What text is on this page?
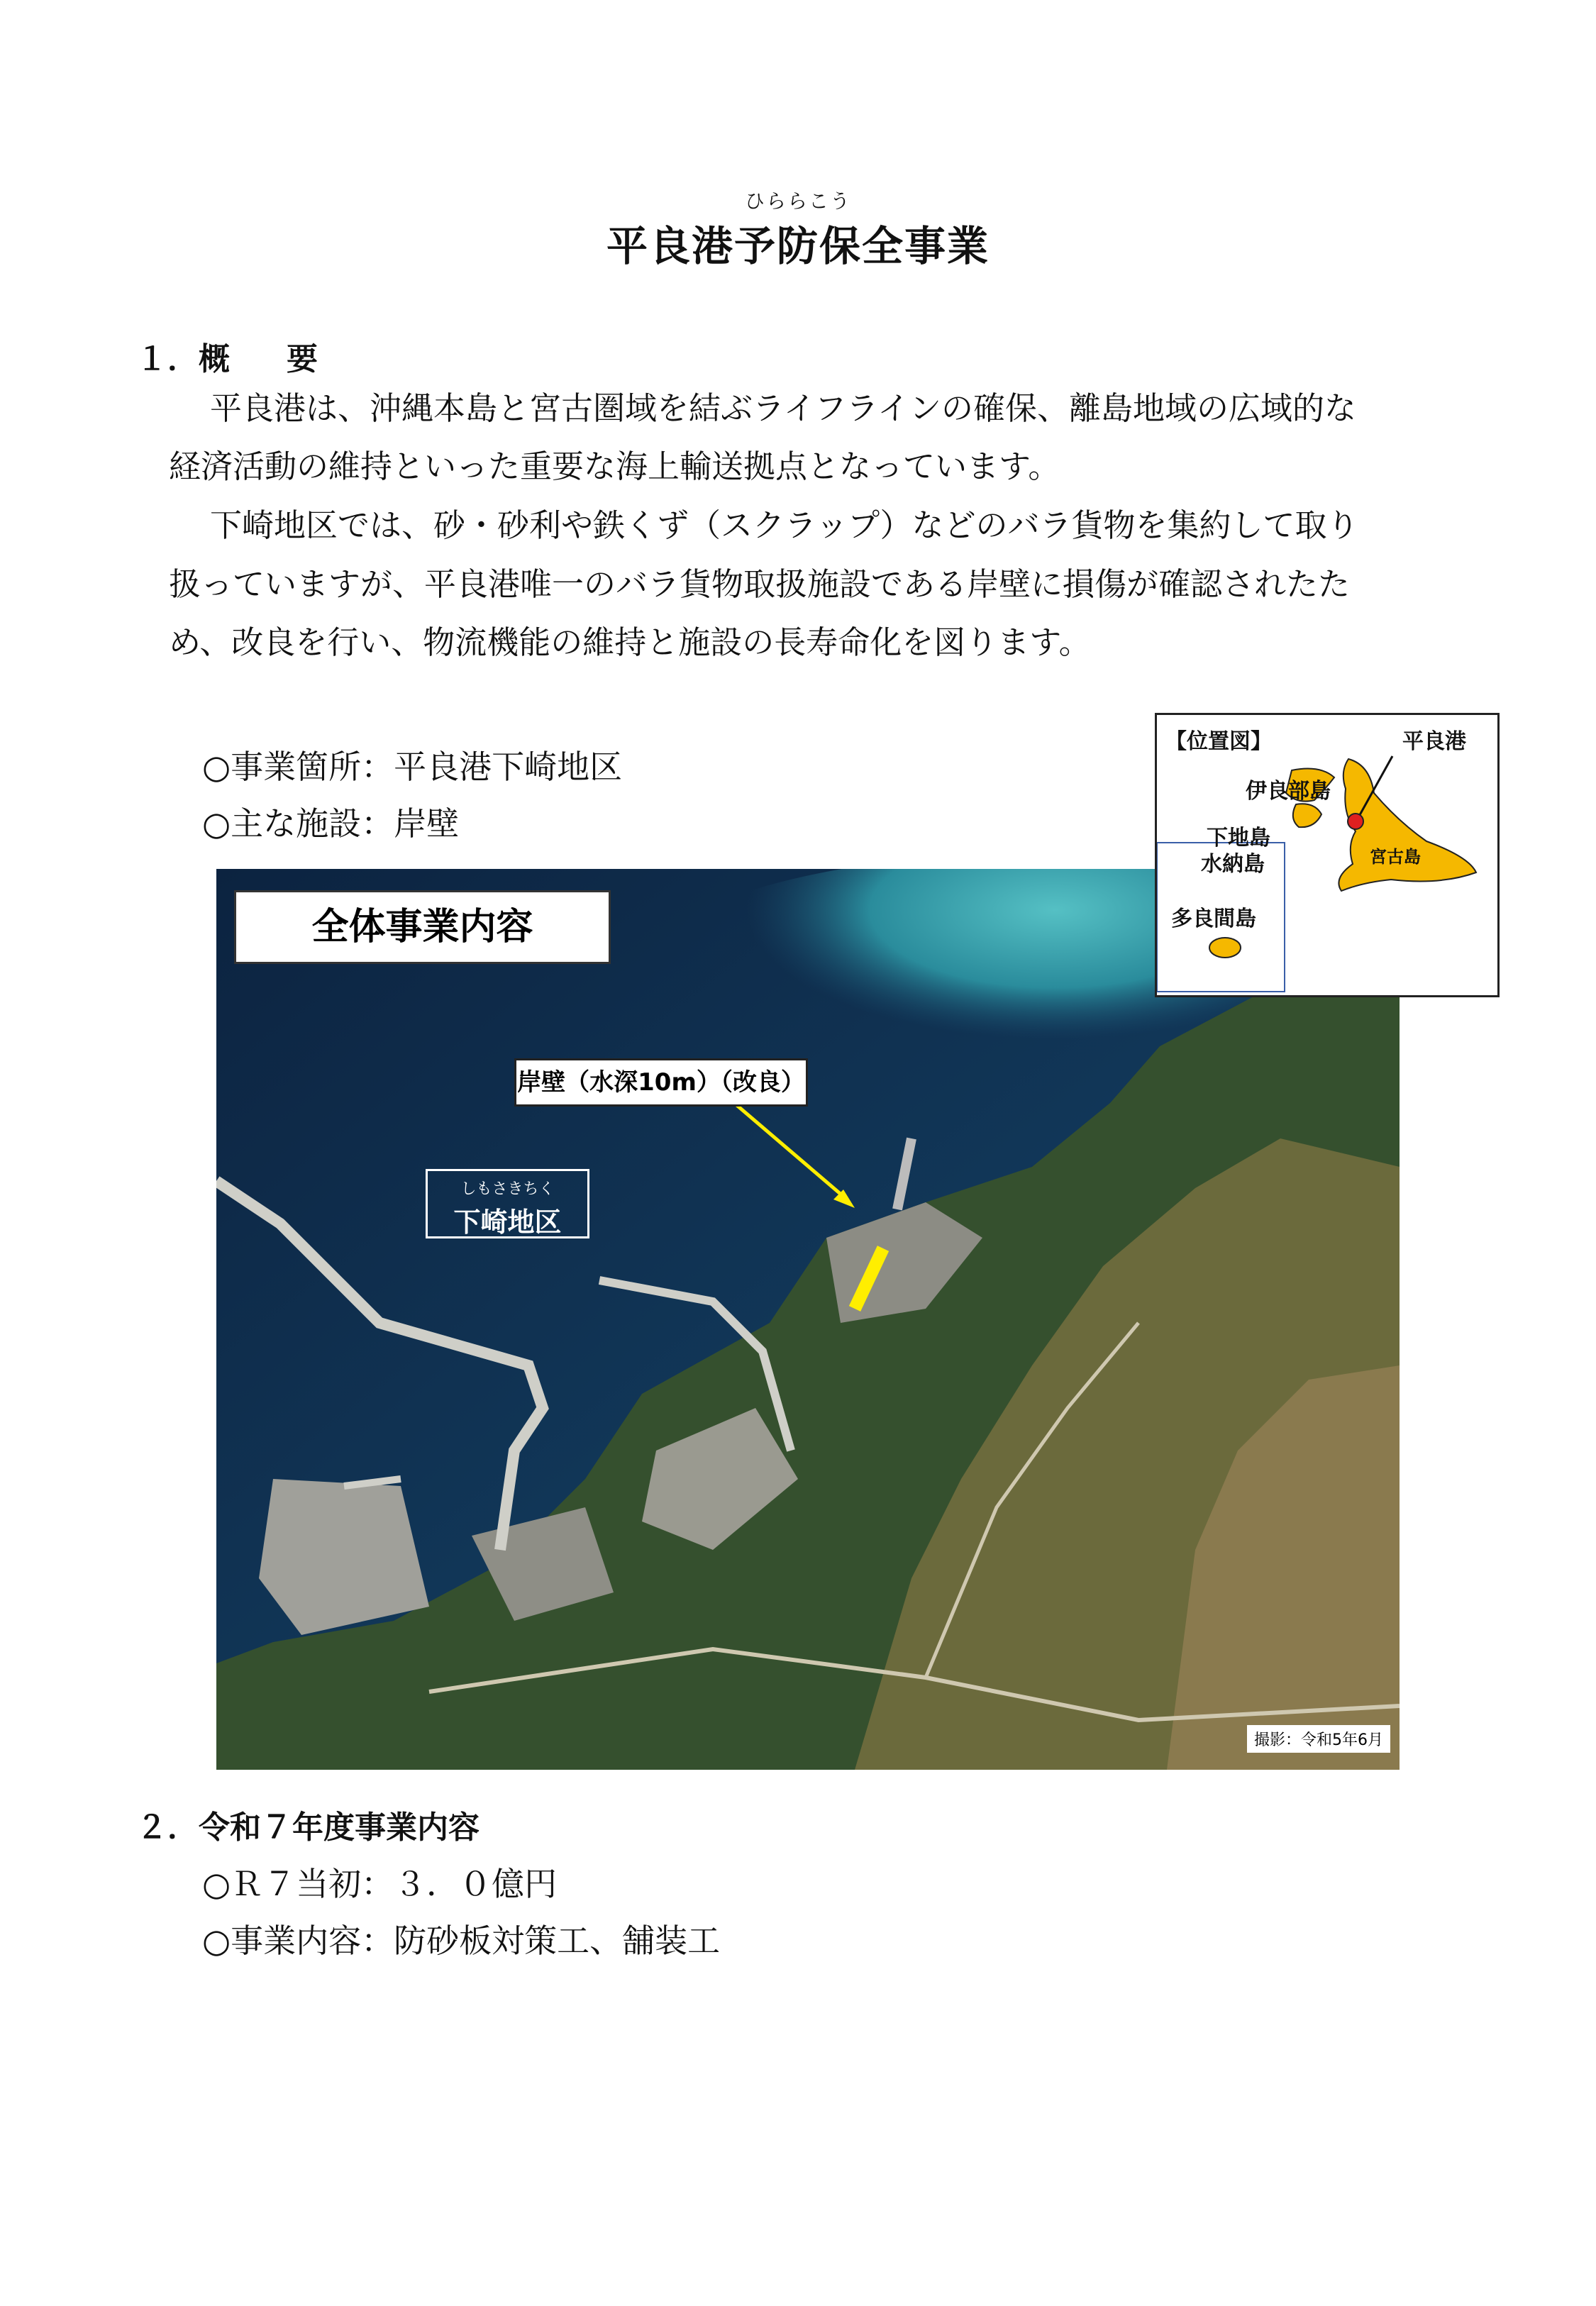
ひららこう
平良港予防保全事業
１．概 要
平良港は、沖縄本島と宮古圏域を結ぶライフラインの確保、離島地域の広域的な
経済活動の維持といった重要な海上輸送拠点となっています。
下崎地区では、砂・砂利や鉄くず（スクラップ）などのバラ貨物を集約して取り
扱っていますが、平良港唯一のバラ貨物取扱施設である岸壁に損傷が確認されたた
め、改良を行い、物流機能の維持と施設の長寿命化を図ります。
○事業箇所：平良港下崎地区
○主な施設：岸壁
全体事業内容
岸壁（水深10m）（改良）
しもさきちく
下崎地区
撮影：令和5年6月
【位置図】	平良港
伊良部島
下地島
水納島	宮古島
多良間島
２．令和７年度事業内容
○Ｒ７当初：３．０億円
○事業内容：防砂板対策工、舗装工
